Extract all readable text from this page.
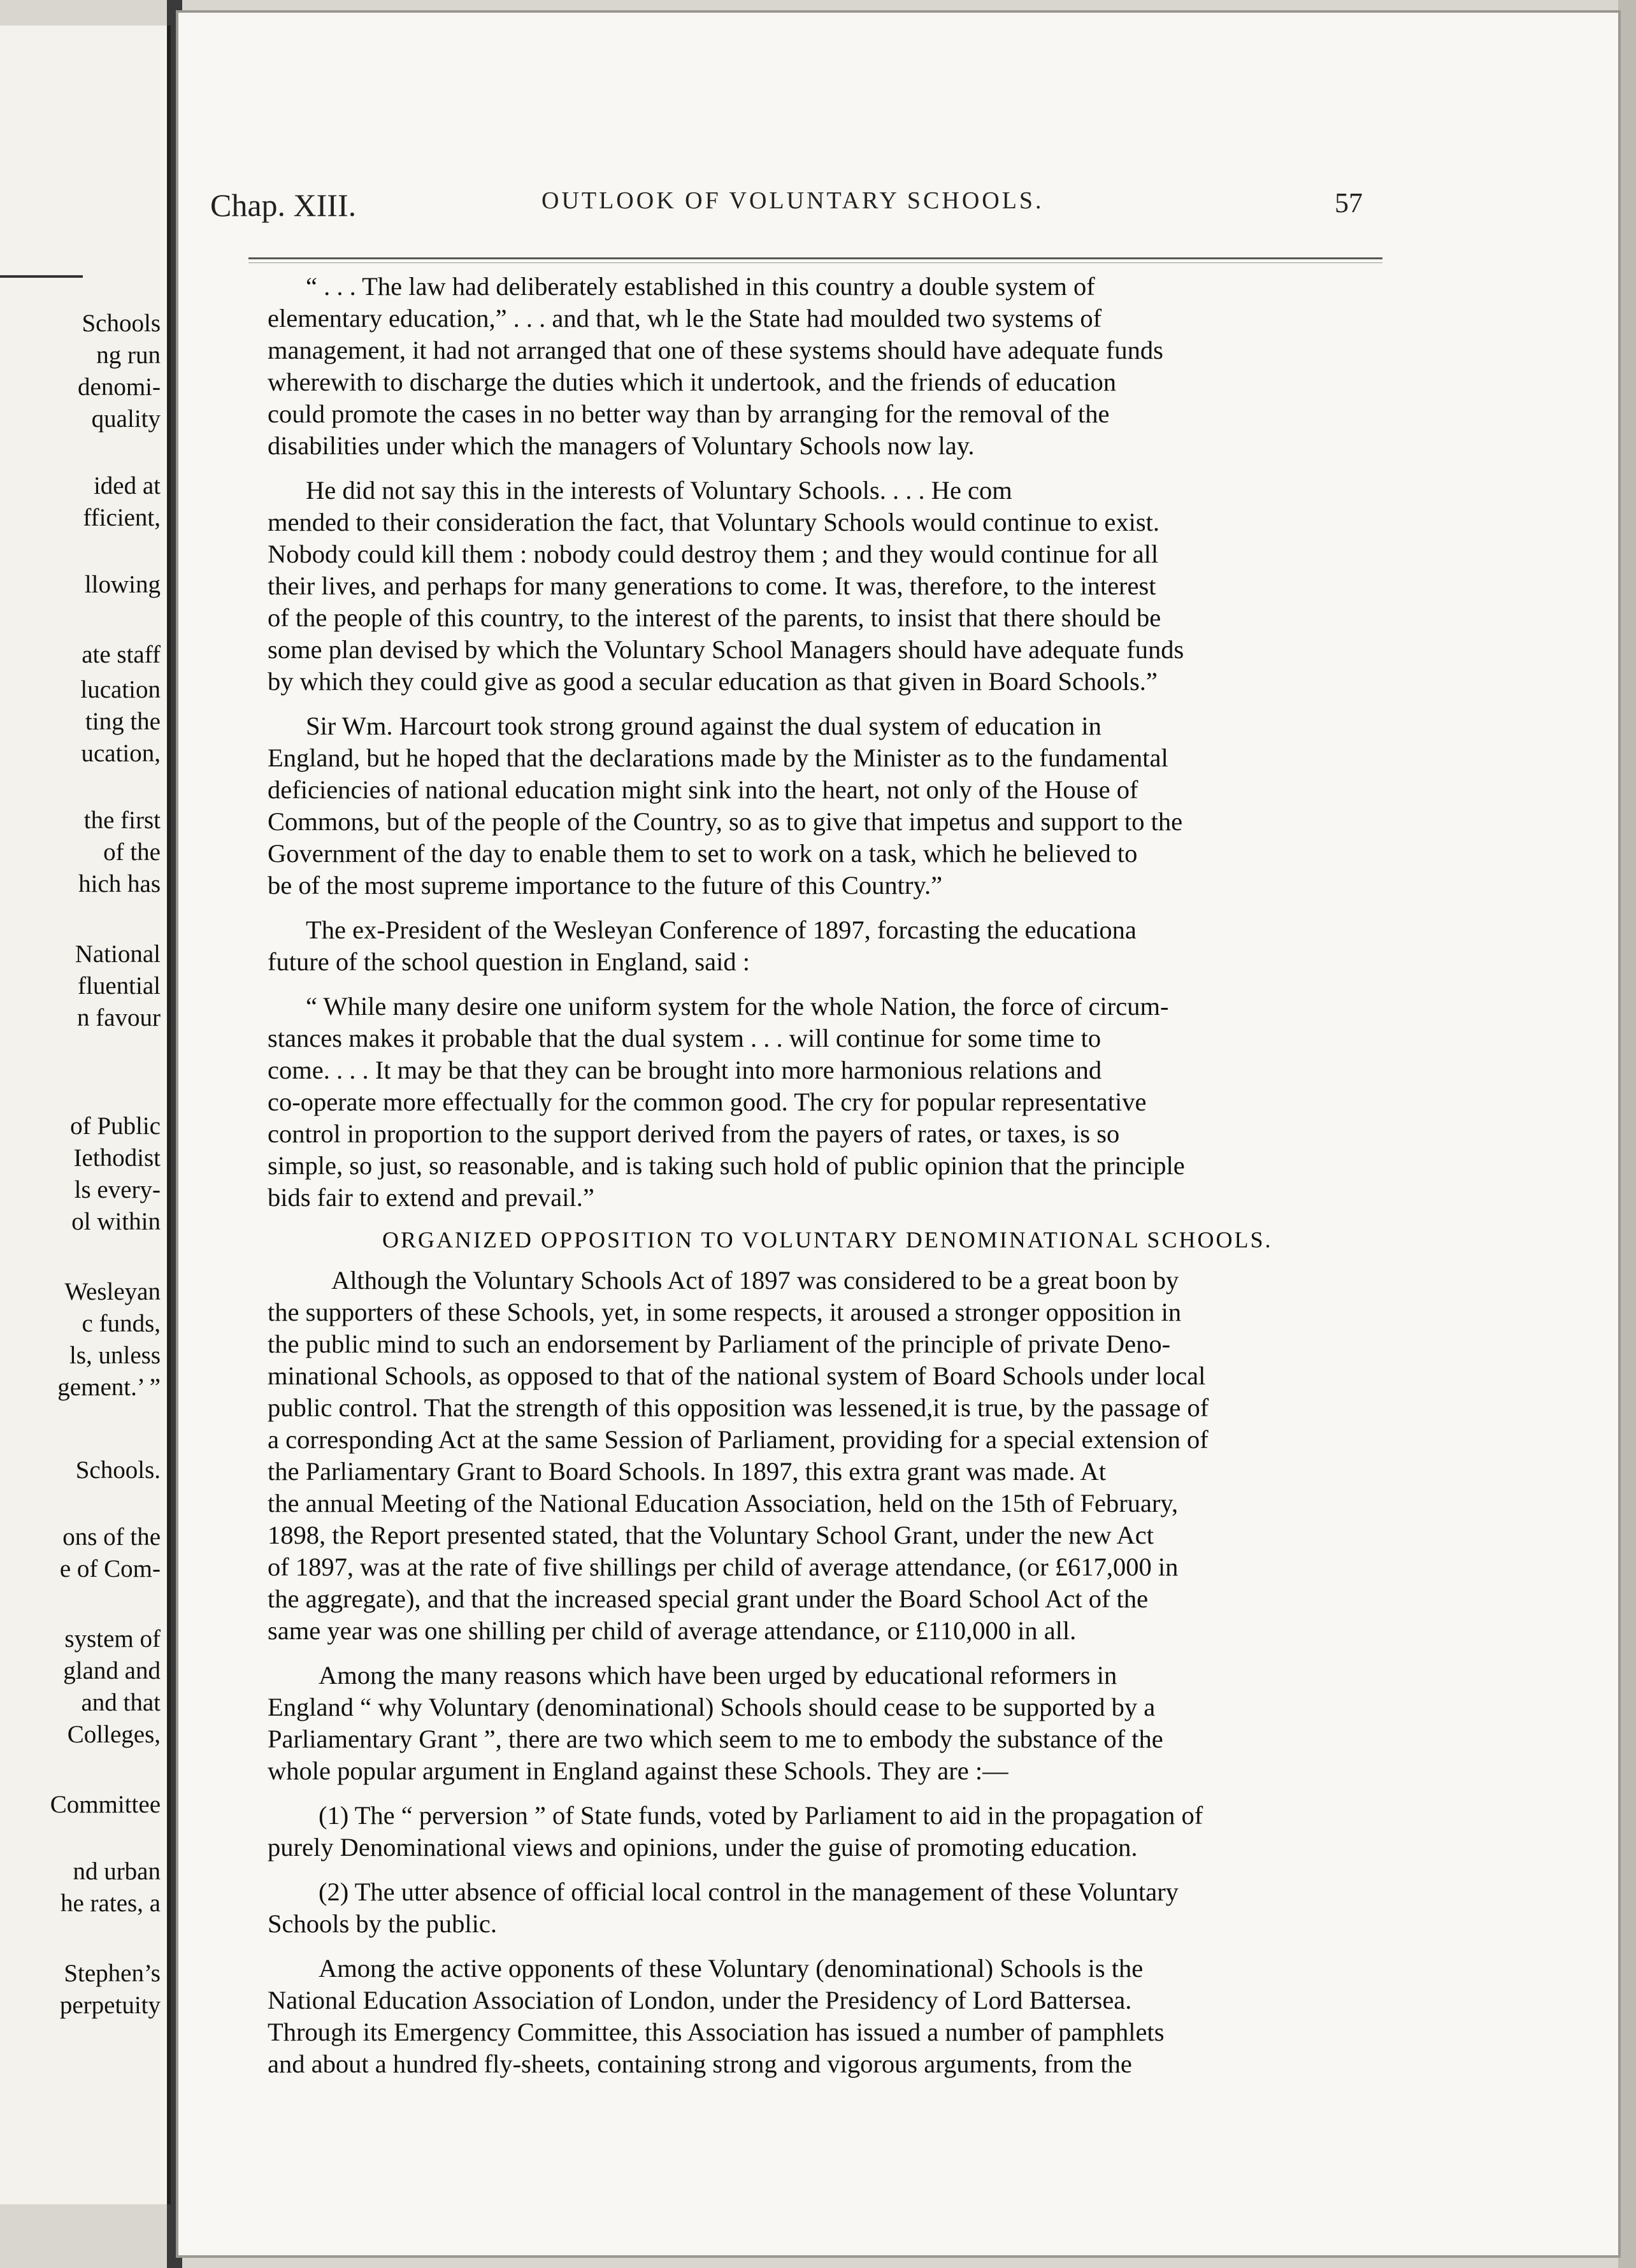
Schools
ng run
denomi-
quality
ided at
fficient,
llowing
ate staff
lucation
ting the
ucation,
the first
of the
hich has
National
fluential
n favour
of Public
Iethodist
ls every-
ol within
Wesleyan
c funds,
ls, unless
gement.’ ”
Schools.
ons of the
e of Com-
system of
gland and
and that
Colleges,
Committee
nd urban
he rates, a
Stephen’s
perpetuity
Chap. XIII.	OUTLOOK OF VOLUNTARY SCHOOLS.	57
“ . . . The law had deliberately established in this country a double system of
elementary education,” . . . and that, wh le the State had moulded two systems of
management, it had not arranged that one of these systems should have adequate funds
wherewith to discharge the duties which it undertook, and the friends of education
could promote the cases in no better way than by arranging for the removal of the
disabilities under which the managers of Voluntary Schools now lay.
He did not say this in the interests of Voluntary Schools. . . . He com
mended to their consideration the fact, that Voluntary Schools would continue to exist.
Nobody could kill them : nobody could destroy them ; and they would continue for all
their lives, and perhaps for many generations to come. It was, therefore, to the interest
of the people of this country, to the interest of the parents, to insist that there should be
some plan devised by which the Voluntary School Managers should have adequate funds
by which they could give as good a secular education as that given in Board Schools.”
Sir Wm. Harcourt took strong ground against the dual system of education in
England, but he hoped that the declarations made by the Minister as to the fundamental
deficiencies of national education might sink into the heart, not only of the House of
Commons, but of the people of the Country, so as to give that impetus and support to the
Government of the day to enable them to set to work on a task, which he believed to
be of the most supreme importance to the future of this Country.”
The ex-President of the Wesleyan Conference of 1897, forcasting the educationa
future of the school question in England, said :
“ While many desire one uniform system for the whole Nation, the force of circum-
stances makes it probable that the dual system . . . will continue for some time to
come. . . . It may be that they can be brought into more harmonious relations and
co-operate more effectually for the common good. The cry for popular representative
control in proportion to the support derived from the payers of rates, or taxes, is so
simple, so just, so reasonable, and is taking such hold of public opinion that the principle
bids fair to extend and prevail.”
ORGANIZED OPPOSITION TO VOLUNTARY DENOMINATIONAL SCHOOLS.
Although the Voluntary Schools Act of 1897 was considered to be a great boon by
the supporters of these Schools, yet, in some respects, it aroused a stronger opposition in
the public mind to such an endorsement by Parliament of the principle of private Deno-
minational Schools, as opposed to that of the national system of Board Schools under local
public control. That the strength of this opposition was lessened,it is true, by the passage of
a corresponding Act at the same Session of Parliament, providing for a special extension of
the Parliamentary Grant to Board Schools. In 1897, this extra grant was made. At
the annual Meeting of the National Education Association, held on the 15th of February,
1898, the Report presented stated, that the Voluntary School Grant, under the new Act
of 1897, was at the rate of five shillings per child of average attendance, (or £617,000 in
the aggregate), and that the increased special grant under the Board School Act of the
same year was one shilling per child of average attendance, or £110,000 in all.
Among the many reasons which have been urged by educational reformers in
England “ why Voluntary (denominational) Schools should cease to be supported by a
Parliamentary Grant ”, there are two which seem to me to embody the substance of the
whole popular argument in England against these Schools. They are :—
(1) The “ perversion ” of State funds, voted by Parliament to aid in the propagation of
purely Denominational views and opinions, under the guise of promoting education.
(2) The utter absence of official local control in the management of these Voluntary
Schools by the public.
Among the active opponents of these Voluntary (denominational) Schools is the
National Education Association of London, under the Presidency of Lord Battersea.
Through its Emergency Committee, this Association has issued a number of pamphlets
and about a hundred fly-sheets, containing strong and vigorous arguments, from the
